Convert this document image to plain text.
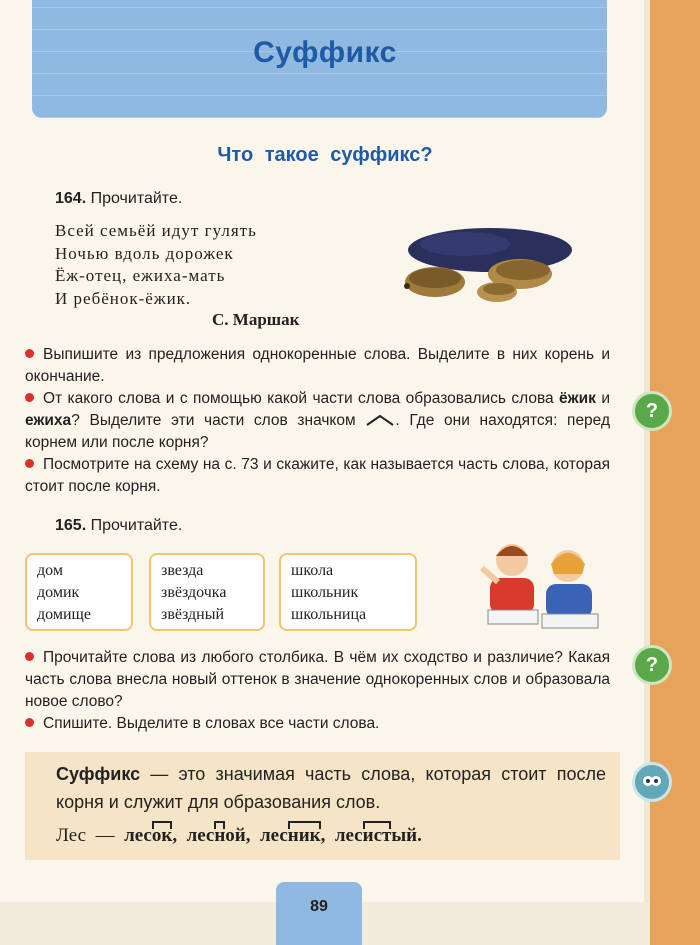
Суффикс
Что такое суффикс?
164. Прочитайте.
Всей семьёй идут гулять
Ночью вдоль дорожек
Ёж-отец, ежиха-мать
И ребёнок-ёжик.
С. Маршак

Выпишите из предложения однокоренные слова. Выделите в них корень и окончание.

От какого слова и с помощью какой части слова образовались слова ёжик и ежиха? Выделите эти части слов значком	. Где они находятся: перед корнем или после корня?

Посмотрите на схему на с. 73 и скажите, как называется часть слова, которая стоит после корня.

165. Прочитайте.
дом
домик
домище
звезда
звёздочка
звёздный
школа
школьник
школьница

Прочитайте слова из любого столбика. В чём их сходство и различие? Какая часть слова внесла новый оттенок в значение однокоренных слов и образовала новое слово?

Спишите. Выделите в словах все части слова.

Суффикс — это значимая часть слова, которая стоит после корня и служит для образования слов.
Лес — лесок, лесной, лесник, лесистый.
89
?
?
